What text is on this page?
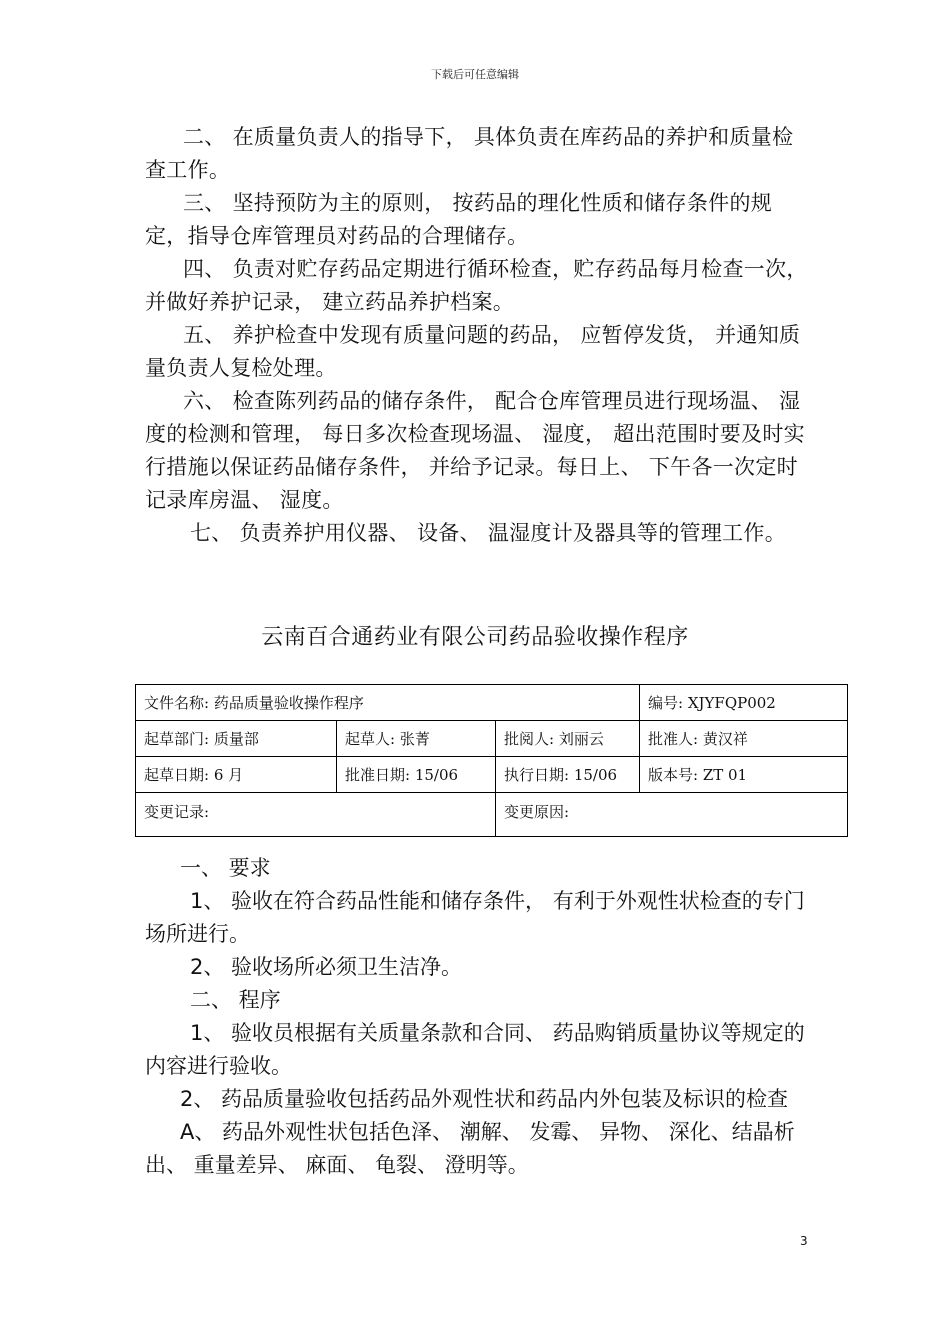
下载后可任意编辑

二、 在质量负责人的指导下， 具体负责在库药品的养护和质量检查工作。

三、 坚持预防为主的原则， 按药品的理化性质和储存条件的规定，指导仓库管理员对药品的合理储存。

四、 负责对贮存药品定期进行循环检查，贮存药品每月检查一次， 并做好养护记录， 建立药品养护档案。

五、 养护检查中发现有质量问题的药品， 应暂停发货， 并通知质量负责人复检处理。

六、 检查陈列药品的储存条件， 配合仓库管理员进行现场温、 湿度的检测和管理， 每日多次检查现场温、 湿度， 超出范围时要及时实行措施以保证药品储存条件， 并给予记录。每日上、 下午各一次定时记录库房温、 湿度。

七、 负责养护用仪器、 设备、 温湿度计及器具等的管理工作。

云南百合通药业有限公司药品验收操作程序
文件名称: 药品质量验收操作程序			编号: XJYFQP002
起草部门: 质量部	起草人: 张菁	批阅人: 刘丽云	批准人: 黄汉祥
起草日期: 6 月	批准日期: 15/06	执行日期: 15/06	版本号: ZT 01
变更记录:		变更原因:	

一、 要求

1、 验收在符合药品性能和储存条件， 有利于外观性状检查的专门场所进行。

2、 验收场所必须卫生洁净。

二、 程序

1、 验收员根据有关质量条款和合同、 药品购销质量协议等规定的内容进行验收。

2、 药品质量验收包括药品外观性状和药品内外包装及标识的检查

A、 药品外观性状包括色泽、 潮解、 发霉、 异物、 深化、结晶析出、 重量差异、 麻面、 龟裂、 澄明等。

3
